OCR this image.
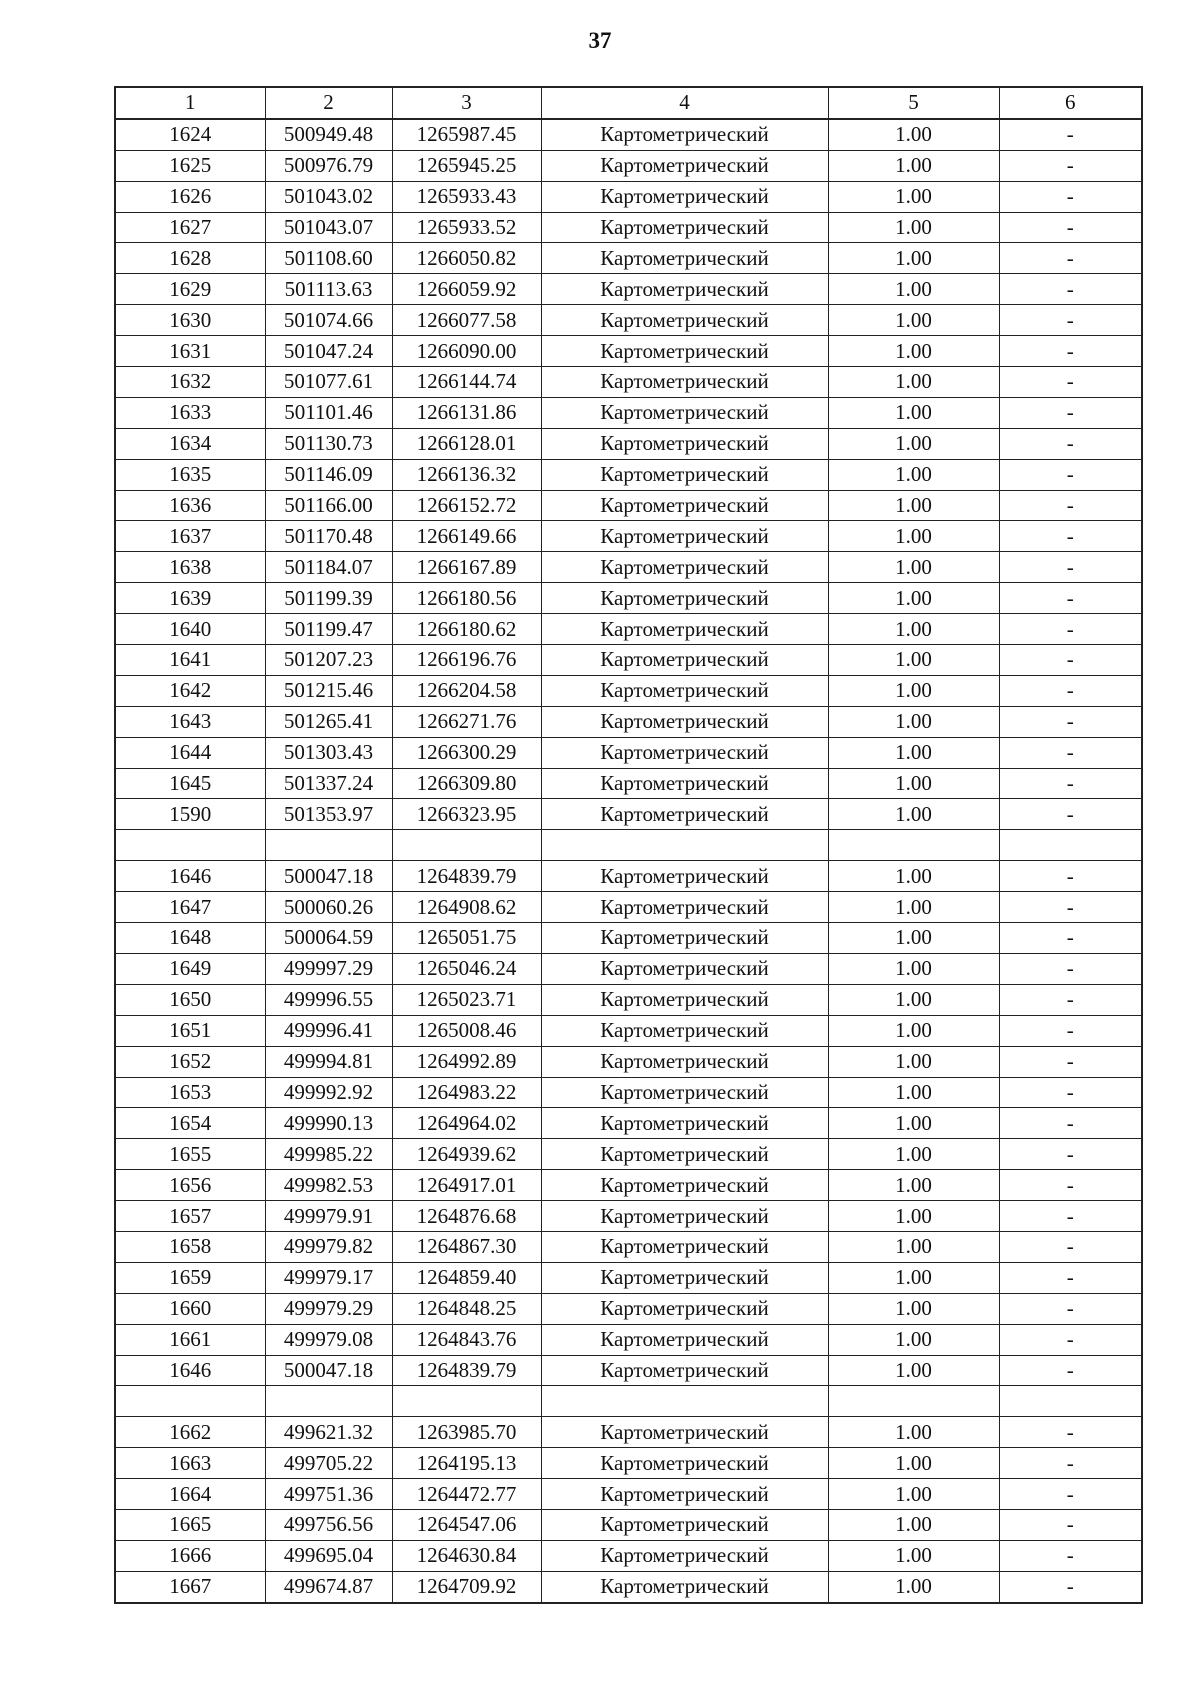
37
1	2	3	4	5	6
1624	500949.48	1265987.45	Картометрический	1.00	-
1625	500976.79	1265945.25	Картометрический	1.00	-
1626	501043.02	1265933.43	Картометрический	1.00	-
1627	501043.07	1265933.52	Картометрический	1.00	-
1628	501108.60	1266050.82	Картометрический	1.00	-
1629	501113.63	1266059.92	Картометрический	1.00	-
1630	501074.66	1266077.58	Картометрический	1.00	-
1631	501047.24	1266090.00	Картометрический	1.00	-
1632	501077.61	1266144.74	Картометрический	1.00	-
1633	501101.46	1266131.86	Картометрический	1.00	-
1634	501130.73	1266128.01	Картометрический	1.00	-
1635	501146.09	1266136.32	Картометрический	1.00	-
1636	501166.00	1266152.72	Картометрический	1.00	-
1637	501170.48	1266149.66	Картометрический	1.00	-
1638	501184.07	1266167.89	Картометрический	1.00	-
1639	501199.39	1266180.56	Картометрический	1.00	-
1640	501199.47	1266180.62	Картометрический	1.00	-
1641	501207.23	1266196.76	Картометрический	1.00	-
1642	501215.46	1266204.58	Картометрический	1.00	-
1643	501265.41	1266271.76	Картометрический	1.00	-
1644	501303.43	1266300.29	Картометрический	1.00	-
1645	501337.24	1266309.80	Картометрический	1.00	-
1590	501353.97	1266323.95	Картометрический	1.00	-

1646	500047.18	1264839.79	Картометрический	1.00	-
1647	500060.26	1264908.62	Картометрический	1.00	-
1648	500064.59	1265051.75	Картометрический	1.00	-
1649	499997.29	1265046.24	Картометрический	1.00	-
1650	499996.55	1265023.71	Картометрический	1.00	-
1651	499996.41	1265008.46	Картометрический	1.00	-
1652	499994.81	1264992.89	Картометрический	1.00	-
1653	499992.92	1264983.22	Картометрический	1.00	-
1654	499990.13	1264964.02	Картометрический	1.00	-
1655	499985.22	1264939.62	Картометрический	1.00	-
1656	499982.53	1264917.01	Картометрический	1.00	-
1657	499979.91	1264876.68	Картометрический	1.00	-
1658	499979.82	1264867.30	Картометрический	1.00	-
1659	499979.17	1264859.40	Картометрический	1.00	-
1660	499979.29	1264848.25	Картометрический	1.00	-
1661	499979.08	1264843.76	Картометрический	1.00	-
1646	500047.18	1264839.79	Картометрический	1.00	-

1662	499621.32	1263985.70	Картометрический	1.00	-
1663	499705.22	1264195.13	Картометрический	1.00	-
1664	499751.36	1264472.77	Картометрический	1.00	-
1665	499756.56	1264547.06	Картометрический	1.00	-
1666	499695.04	1264630.84	Картометрический	1.00	-
1667	499674.87	1264709.92	Картометрический	1.00	-
